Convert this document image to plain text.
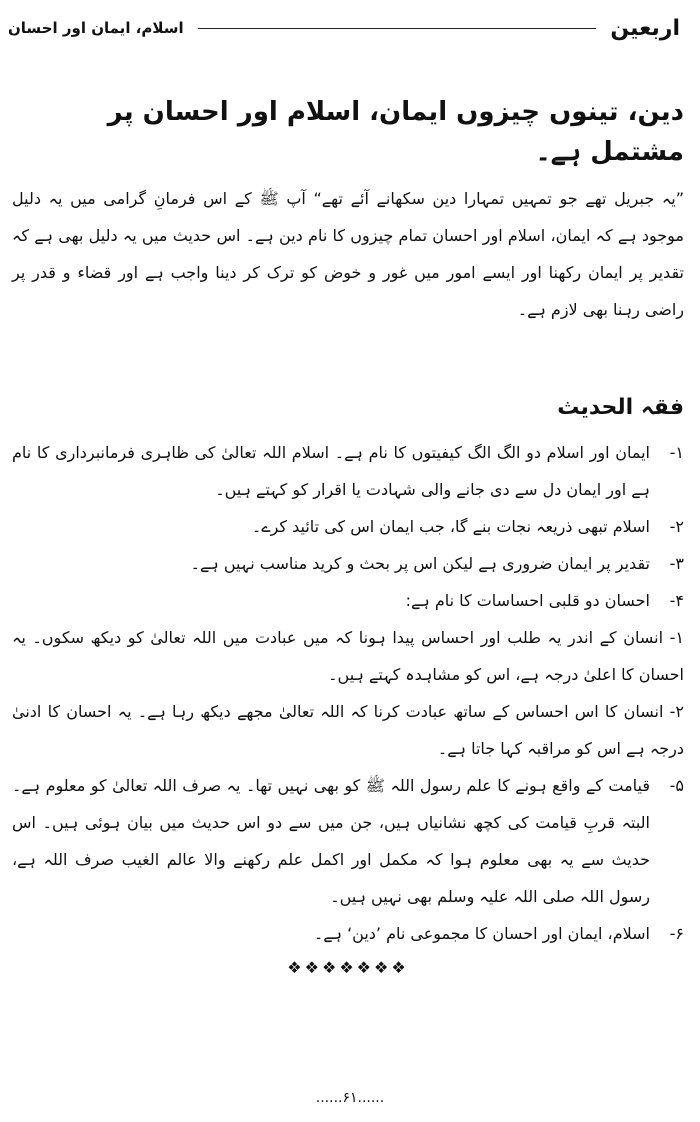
اربعین
اسلام، ایمان اور احسان

دین، تینوں چیزوں ایمان، اسلام اور احسان پر مشتمل ہے۔

”یہ جبریل تھے جو تمہیں تمہارا دین سکھانے آئے تھے“ آپ ﷺ کے اس فرمانِ گرامی میں یہ دلیل موجود ہے کہ ایمان، اسلام اور احسان تمام چیزوں کا نام دین ہے۔ اس حدیث میں یہ دلیل بھی ہے کہ تقدیر پر ایمان رکھنا اور ایسے امور میں غور و خوض کو ترک کر دینا واجب ہے اور قضاء و قدر پر راضی رہنا بھی لازم ہے۔

فقہ الحدیث

۱-
ایمان اور اسلام دو الگ الگ کیفیتوں کا نام ہے۔ اسلام اللہ تعالیٰ کی ظاہری فرمانبرداری کا نام ہے اور ایمان دل سے دی جانے والی شہادت یا اقرار کو کہتے ہیں۔
۲-
اسلام تبھی ذریعہ نجات بنے گا، جب ایمان اس کی تائید کرے۔
۳-
تقدیر پر ایمان ضروری ہے لیکن اس پر بحث و کرید مناسب نہیں ہے۔
۴-
احسان دو قلبی احساسات کا نام ہے:

۱- انسان کے اندر یہ طلب اور احساس پیدا ہونا کہ میں عبادت میں اللہ تعالیٰ کو دیکھ سکوں۔ یہ احسان کا اعلیٰ درجہ ہے، اس کو مشاہدہ کہتے ہیں۔

۲- انسان کا اس احساس کے ساتھ عبادت کرنا کہ اللہ تعالیٰ مجھے دیکھ رہا ہے۔ یہ احسان کا ادنیٰ درجہ ہے اس کو مراقبہ کہا جاتا ہے۔

۵-
قیامت کے واقع ہونے کا علم رسول اللہ ﷺ کو بھی نہیں تھا۔ یہ صرف اللہ تعالیٰ کو معلوم ہے۔ البتہ قربِ قیامت کی کچھ نشانیاں ہیں، جن میں سے دو اس حدیث میں بیان ہوئی ہیں۔ اس حدیث سے یہ بھی معلوم ہوا کہ مکمل اور اکمل علم رکھنے والا عالم الغیب صرف اللہ ہے، رسول اللہ صلی اللہ علیہ وسلم بھی نہیں ہیں۔
۶-
اسلام، ایمان اور احسان کا مجموعی نام ’دین‘ ہے۔
❖❖❖❖❖❖❖
......۶۱......
